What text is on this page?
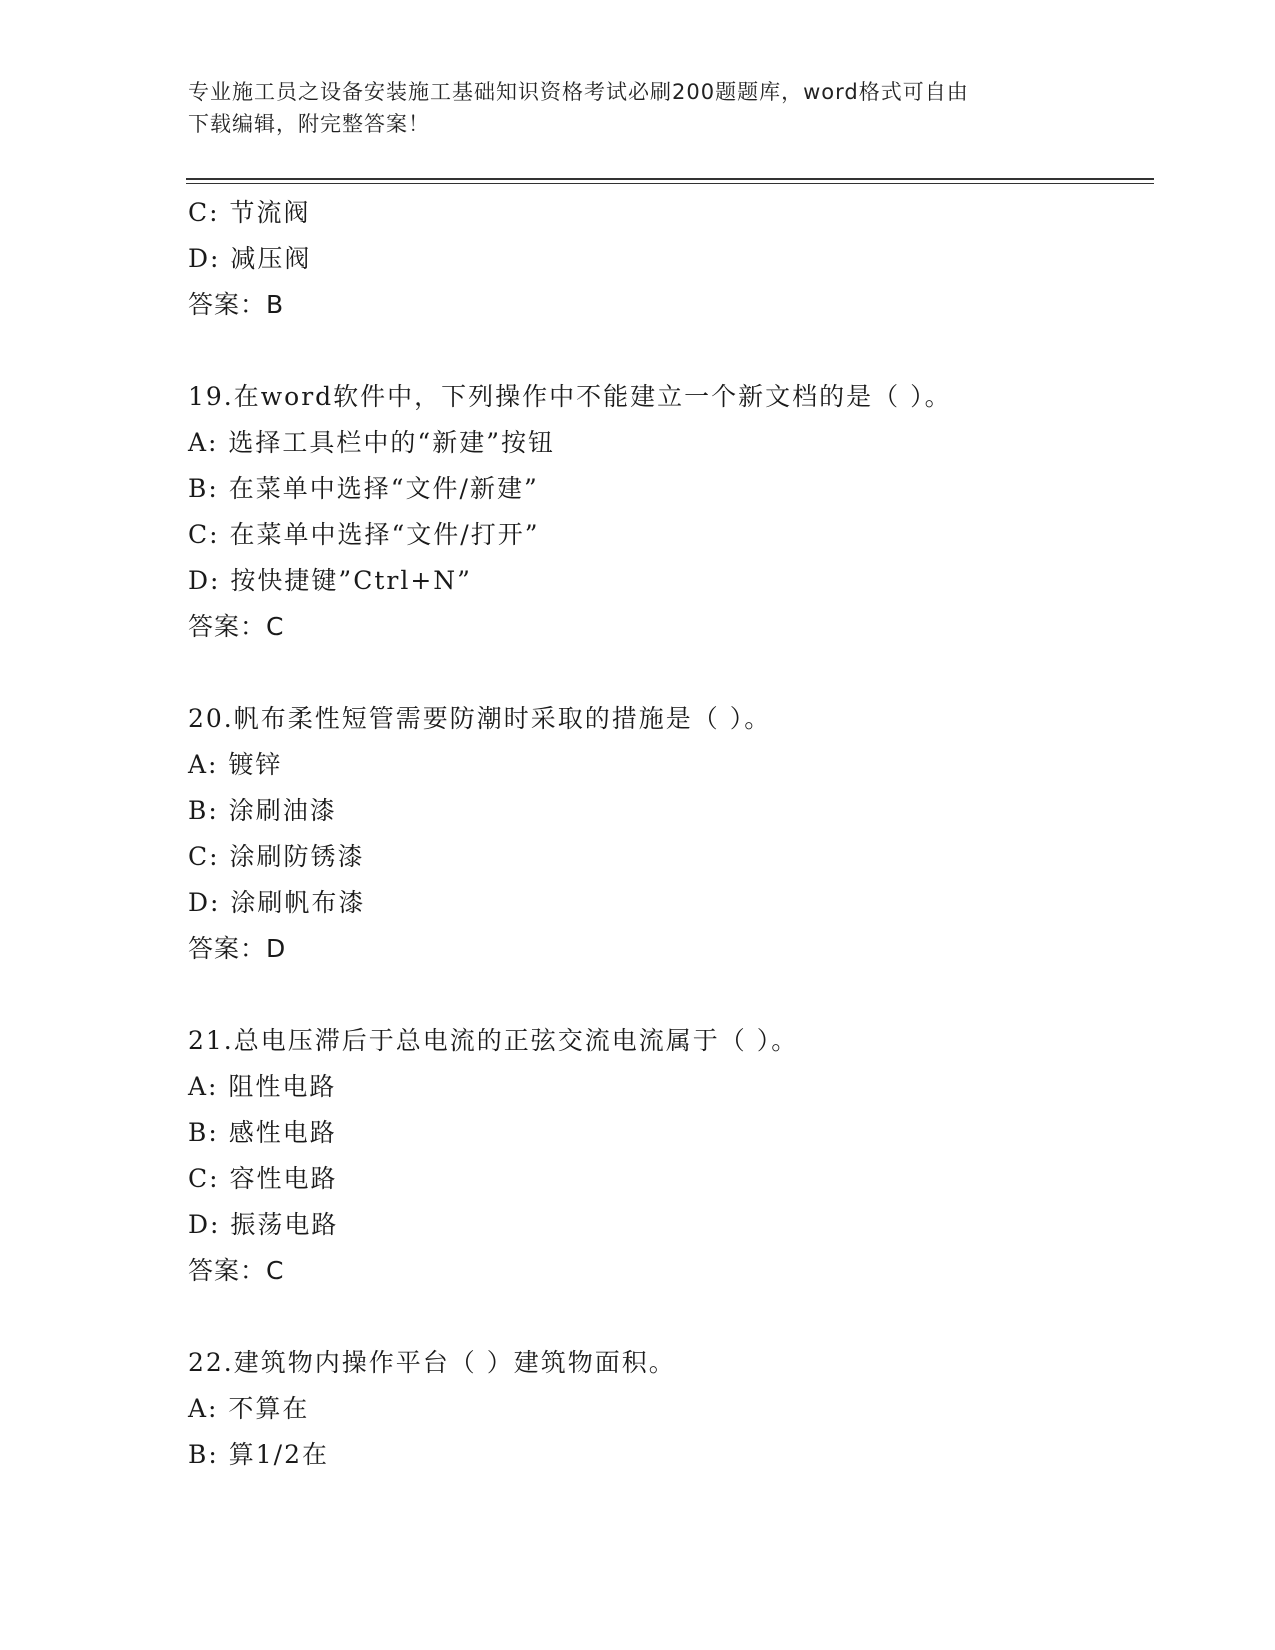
专业施工员之设备安装施工基础知识资格考试必刷200题题库，word格式可自由
下载编辑，附完整答案！
C: 节流阀
D: 减压阀
答案：B
19.在word软件中，下列操作中不能建立一个新文档的是（ ）。
A: 选择工具栏中的“新建”按钮
B: 在菜单中选择“文件/新建”
C: 在菜单中选择“文件/打开”
D: 按快捷键”Ctrl+N”
答案：C
20.帆布柔性短管需要防潮时采取的措施是（ ）。
A: 镀锌
B: 涂刷油漆
C: 涂刷防锈漆
D: 涂刷帆布漆
答案：D
21.总电压滞后于总电流的正弦交流电流属于（ ）。
A: 阻性电路
B: 感性电路
C: 容性电路
D: 振荡电路
答案：C
22.建筑物内操作平台（ ）建筑物面积。
A: 不算在
B: 算1/2在
